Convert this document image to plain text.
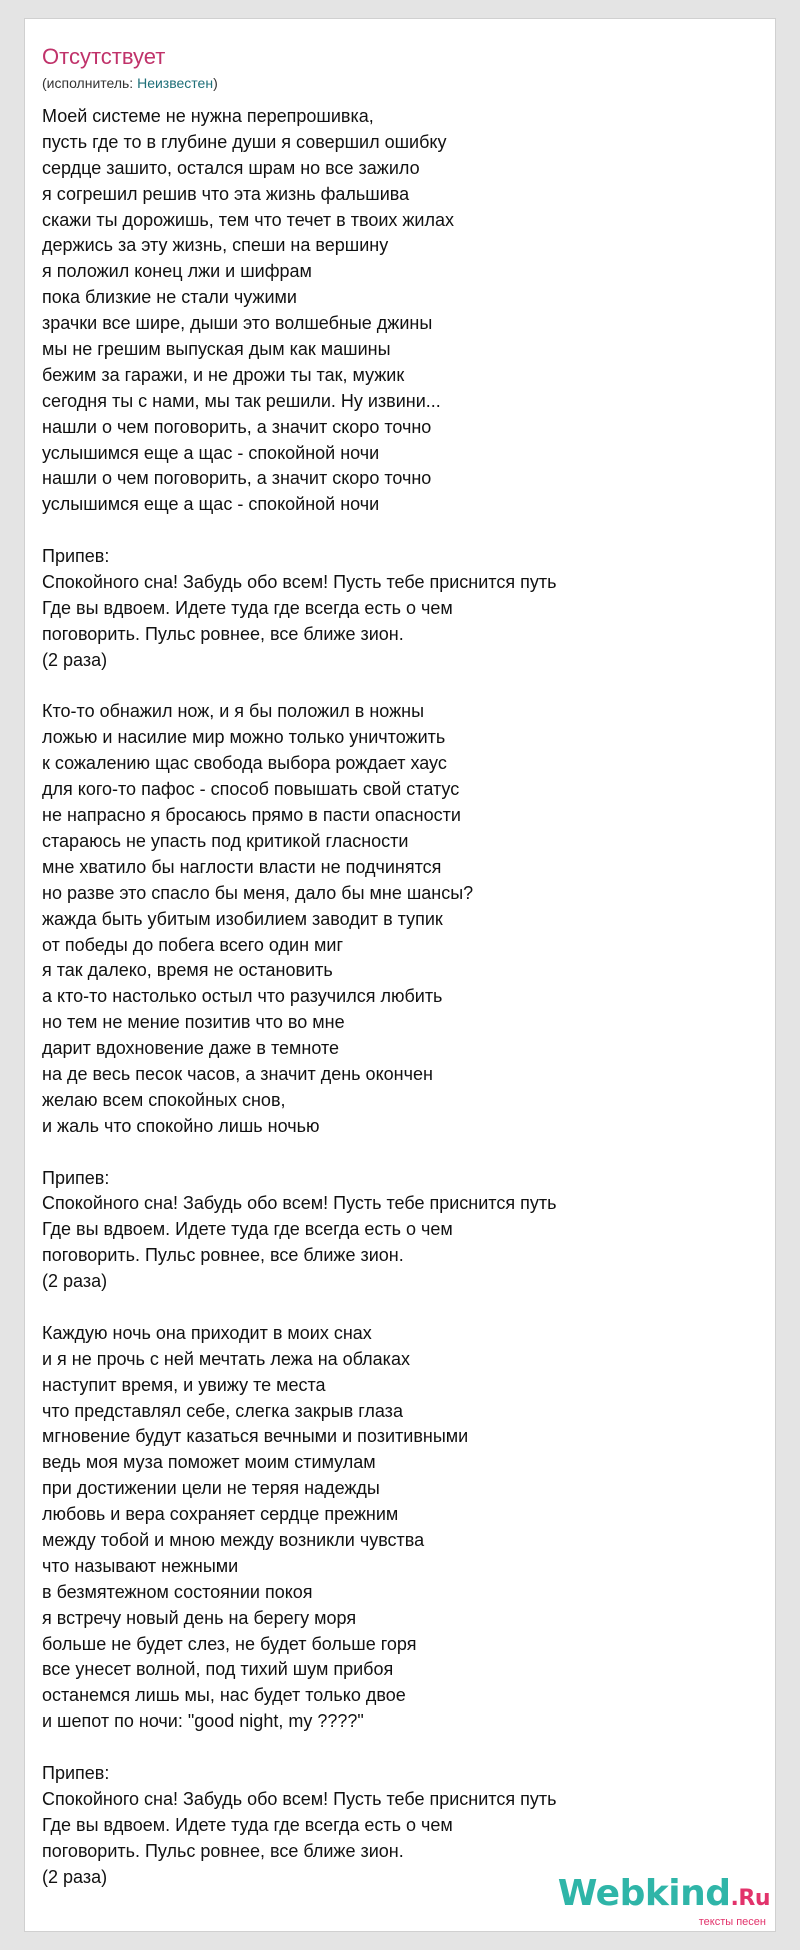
Отсутствует
(исполнитель: Неизвестен)
Моей системе не нужна перепрошивка,
пусть где то в глубине души я совершил ошибку
сердце зашито, остался шрам но все зажило
я согрешил решив что эта жизнь фальшива
скажи ты дорожишь, тем что течет в твоих жилах
держись за эту жизнь, спеши на вершину
я положил конец лжи и шифрам
пока близкие не стали чужими
зрачки все шире, дыши это волшебные джины
мы не грешим выпуская дым как машины
бежим за гаражи, и не дрожи ты так, мужик
сегодня ты с нами, мы так решили. Ну извини...
нашли о чем поговорить, а значит скоро точно
услышимся еще а щас - спокойной ночи
нашли о чем поговорить, а значит скоро точно
услышимся еще а щас - спокойной ночи
Припев:
Спокойного сна! Забудь обо всем! Пусть тебе приснится путь
Где вы вдвоем. Идете туда где всегда есть о чем
поговорить. Пульс ровнее, все ближе зион.
(2 раза)
Кто-то обнажил нож, и я бы положил в ножны
ложью и насилие мир можно только уничтожить
к сожалению щас свобода выбора рождает хаус
для кого-то пафос - способ повышать свой статус
не напрасно я бросаюсь прямо в пасти опасности
стараюсь не упасть под критикой гласности
мне хватило бы наглости власти не подчинятся
но разве это спасло бы меня, дало бы мне шансы?
жажда быть убитым изобилием заводит в тупик
от победы до побега всего один миг
я так далеко, время не остановить
а кто-то настолько остыл что разучился любить
но тем не мение позитив что во мне
дарит вдохновение даже в темноте
на де весь песок часов, а значит день окончен
желаю всем спокойных снов,
и жаль что спокойно лишь ночью
Припев:
Спокойного сна! Забудь обо всем! Пусть тебе приснится путь
Где вы вдвоем. Идете туда где всегда есть о чем
поговорить. Пульс ровнее, все ближе зион.
(2 раза)
Каждую ночь она приходит в моих снах
и я не прочь с ней мечтать лежа на облаках
наступит время, и увижу те места
что представлял себе, слегка закрыв глаза
мгновение будут казаться вечными и позитивными
ведь моя муза поможет моим стимулам
при достижении цели не теряя надежды
любовь и вера сохраняет сердце прежним
между тобой и мною между возникли чувства
что называют нежными
в безмятежном состоянии покоя
я встречу новый день на берегу моря
больше не будет слез, не будет больше горя
все унесет волной, под тихий шум прибоя
останемся лишь мы, нас будет только двое
и шепот по ночи: "good night, my ????"
Припев:
Спокойного сна! Забудь обо всем! Пусть тебе приснится путь
Где вы вдвоем. Идете туда где всегда есть о чем
поговорить. Пульс ровнее, все ближе зион.
(2 раза)	Webkind.Ru
тексты песен
